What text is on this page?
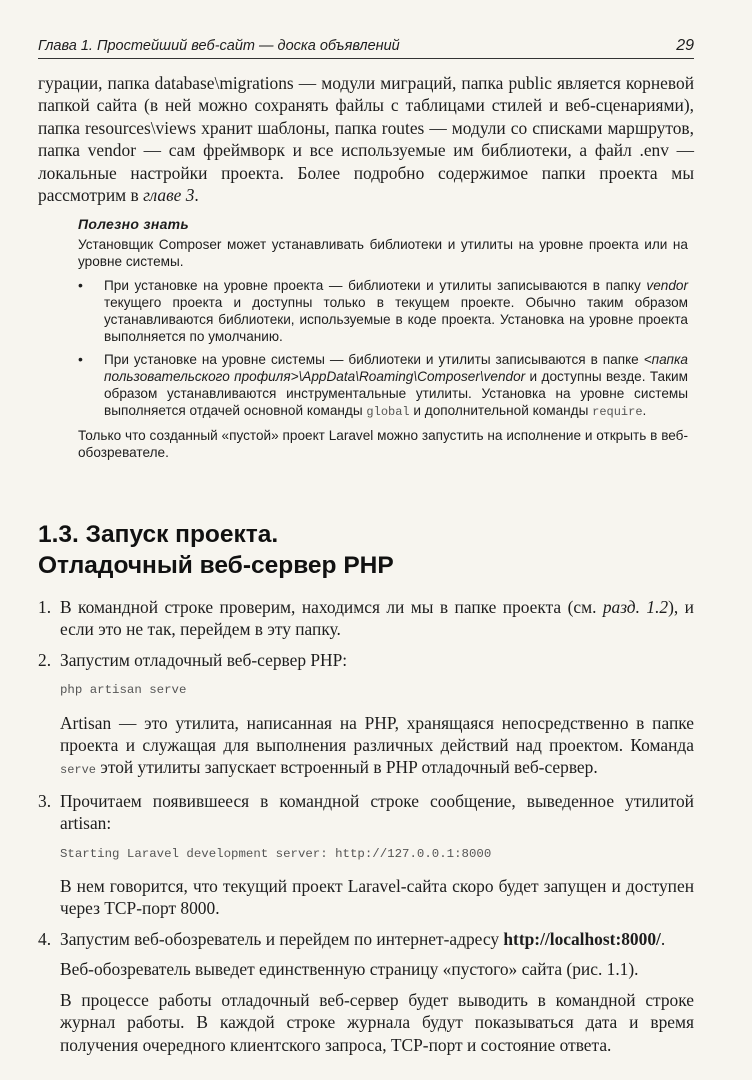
Глава 1. Простейший веб-сайт — доска объявлений	29

гурации, папка database\migrations — модули миграций, папка public является корневой папкой сайта (в ней можно сохранять файлы с таблицами стилей и веб-сценариями), папка resources\views хранит шаблоны, папка routes — модули со списками маршрутов, папка vendor — сам фреймворк и все используемые им библиотеки, а файл .env — локальные настройки проекта. Более подробно содержимое папки проекта мы рассмотрим в главе 3.

Полезно знать

Установщик Composer может устанавливать библиотеки и утилиты на уровне проекта или на уровне системы.

• При установке на уровне проекта — библиотеки и утилиты записываются в папку vendor текущего проекта и доступны только в текущем проекте. Обычно таким образом устанавливаются библиотеки, используемые в коде проекта. Установка на уровне проекта выполняется по умолчанию.
• При установке на уровне системы — библиотеки и утилиты записываются в папке <папка пользовательского профиля>\AppData\Roaming\Composer\vendor и доступны везде. Таким образом устанавливаются инструментальные утилиты. Установка на уровне системы выполняется отдачей основной команды global и дополнительной команды require.

Только что созданный «пустой» проект Laravel можно запустить на исполнение и открыть в веб-обозревателе.

1.3. Запуск проекта.
Отладочный веб-сервер PHP
1. В командной строке проверим, находимся ли мы в папке проекта (см. разд. 1.2), и если это не так, перейдем в эту папку.

2. Запустим отладочный веб-сервер PHP:

php artisan serve

Artisan — это утилита, написанная на PHP, хранящаяся непосредственно в папке проекта и служащая для выполнения различных действий над проектом. Команда serve этой утилиты запускает встроенный в PHP отладочный веб-сервер.

3. Прочитаем появившееся в командной строке сообщение, выведенное утилитой artisan:

Starting Laravel development server: http://127.0.0.1:8000

В нем говорится, что текущий проект Laravel-сайта скоро будет запущен и доступен через TCP-порт 8000.

4. Запустим веб-обозреватель и перейдем по интернет-адресу http://localhost:8000/.

Веб-обозреватель выведет единственную страницу «пустого» сайта (рис. 1.1).

В процессе работы отладочный веб-сервер будет выводить в командной строке журнал работы. В каждой строке журнала будут показываться дата и время получения очередного клиентского запроса, TCP-порт и состояние ответа.
